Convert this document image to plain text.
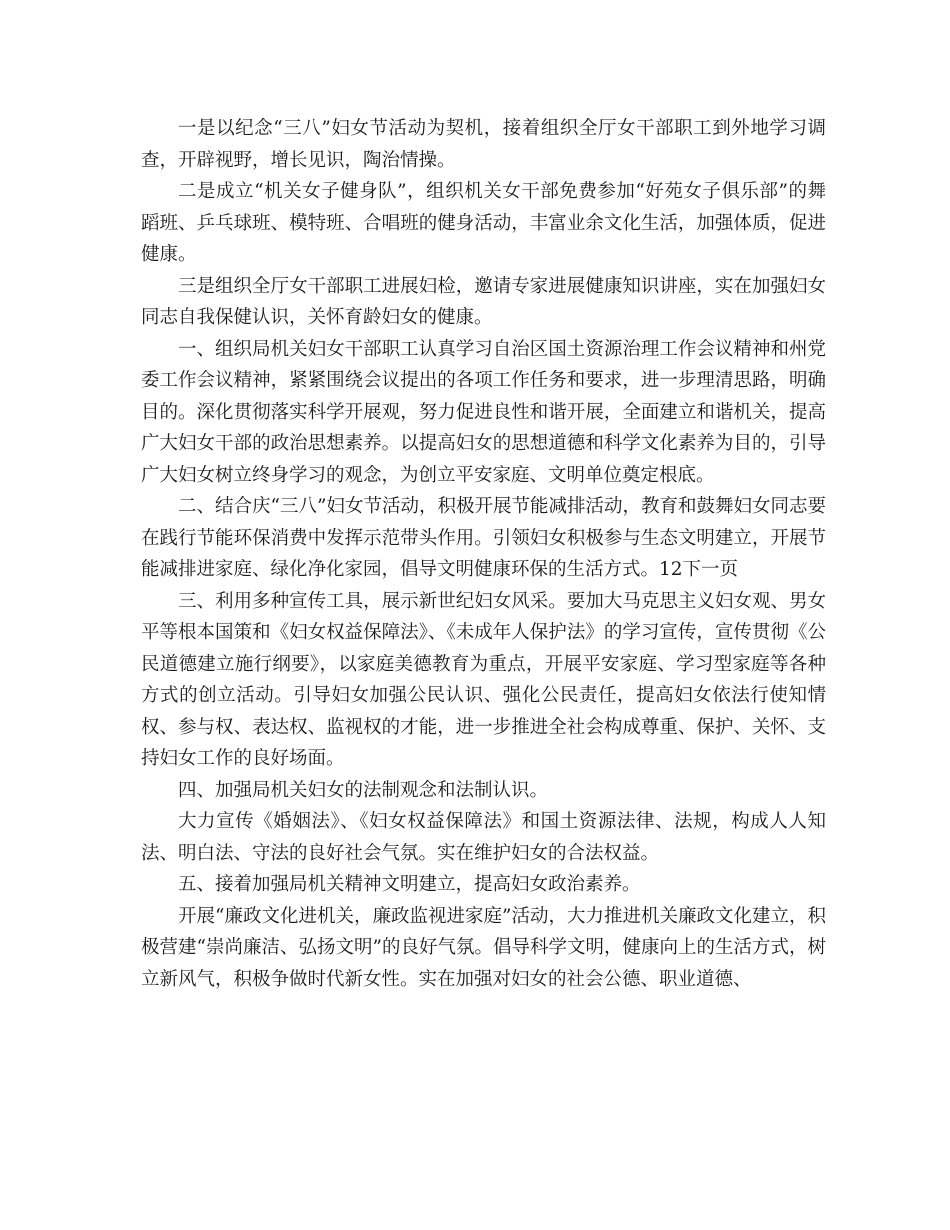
一是以纪念“三八”妇女节活动为契机，接着组织全厅女干部职工到外地学习调查，开辟视野，增长见识，陶治情操。

二是成立“机关女子健身队”，组织机关女干部免费参加“好苑女子俱乐部”的舞蹈班、乒乓球班、模特班、合唱班的健身活动，丰富业余文化生活，加强体质，促进健康。

三是组织全厅女干部职工进展妇检，邀请专家进展健康知识讲座，实在加强妇女同志自我保健认识，关怀育龄妇女的健康。

一、组织局机关妇女干部职工认真学习自治区国土资源治理工作会议精神和州党委工作会议精神，紧紧围绕会议提出的各项工作任务和要求，进一步理清思路，明确目的。深化贯彻落实科学开展观，努力促进良性和谐开展，全面建立和谐机关，提高广大妇女干部的政治思想素养。以提高妇女的思想道德和科学文化素养为目的，引导广大妇女树立终身学习的观念，为创立平安家庭、文明单位奠定根底。

二、结合庆“三八”妇女节活动，积极开展节能减排活动，教育和鼓舞妇女同志要在践行节能环保消费中发挥示范带头作用。引领妇女积极参与生态文明建立，开展节能减排进家庭、绿化净化家园，倡导文明健康环保的生活方式。12下一页

三、利用多种宣传工具，展示新世纪妇女风采。要加大马克思主义妇女观、男女平等根本国策和《妇女权益保障法》、《未成年人保护法》的学习宣传，宣传贯彻《公民道德建立施行纲要》，以家庭美德教育为重点，开展平安家庭、学习型家庭等各种方式的创立活动。引导妇女加强公民认识、强化公民责任，提高妇女依法行使知情权、参与权、表达权、监视权的才能，进一步推进全社会构成尊重、保护、关怀、支持妇女工作的良好场面。

四、加强局机关妇女的法制观念和法制认识。

大力宣传《婚姻法》、《妇女权益保障法》和国土资源法律、法规，构成人人知法、明白法、守法的良好社会气氛。实在维护妇女的合法权益。

五、接着加强局机关精神文明建立，提高妇女政治素养。

开展“廉政文化进机关，廉政监视进家庭”活动，大力推进机关廉政文化建立，积极营建“崇尚廉洁、弘扬文明”的良好气氛。倡导科学文明，健康向上的生活方式，树立新风气，积极争做时代新女性。实在加强对妇女的社会公德、职业道德、
